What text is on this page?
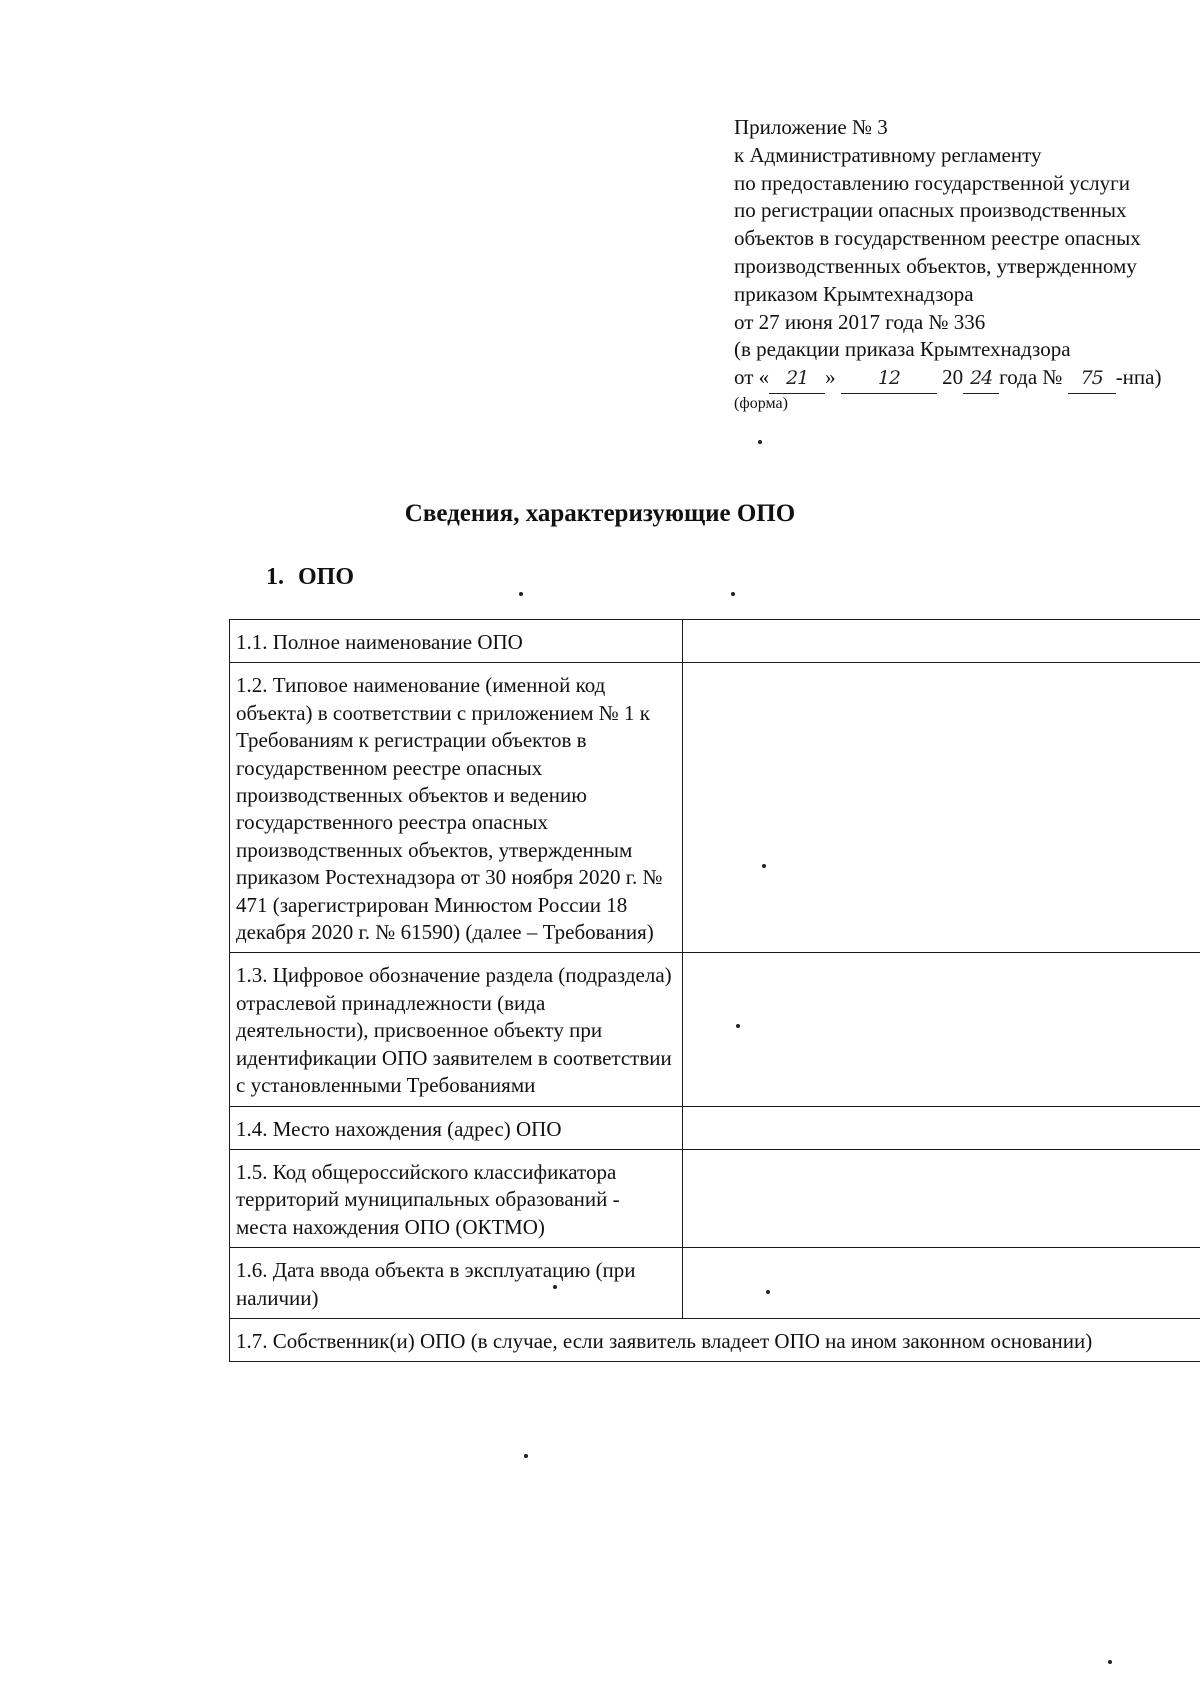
Приложение № 3
к Административному регламенту
по предоставлению государственной услуги
по регистрации опасных производственных
объектов в государственном реестре опасных
производственных объектов, утвержденному
приказом Крымтехнадзора
от 27 июня 2017 года № 336
(в редакции приказа Крымтехнадзора
от « 21 » 12 20 24 года № 75 -нпа)
(форма)
Сведения, характеризующие ОПО
1. ОПО
1.1. Полное наименование ОПО	
1.2. Типовое наименование (именной код объекта) в соответствии с приложением № 1 к Требованиям к регистрации объектов в государственном реестре опасных производственных объектов и ведению государственного реестра опасных производственных объектов, утвержденным приказом Ростехнадзора от 30 ноября 2020 г. № 471 (зарегистрирован Минюстом России 18 декабря 2020 г. № 61590) (далее – Требования)	
1.3. Цифровое обозначение раздела (подраздела) отраслевой принадлежности (вида деятельности), присвоенное объекту при идентификации ОПО заявителем в соответствии с установленными Требованиями	
1.4. Место нахождения (адрес) ОПО	
1.5. Код общероссийского классификатора территорий муниципальных образований - места нахождения ОПО (ОКТМО)	
1.6. Дата ввода объекта в эксплуатацию (при наличии)	
1.7. Собственник(и) ОПО (в случае, если заявитель владеет ОПО на ином законном основании)	
